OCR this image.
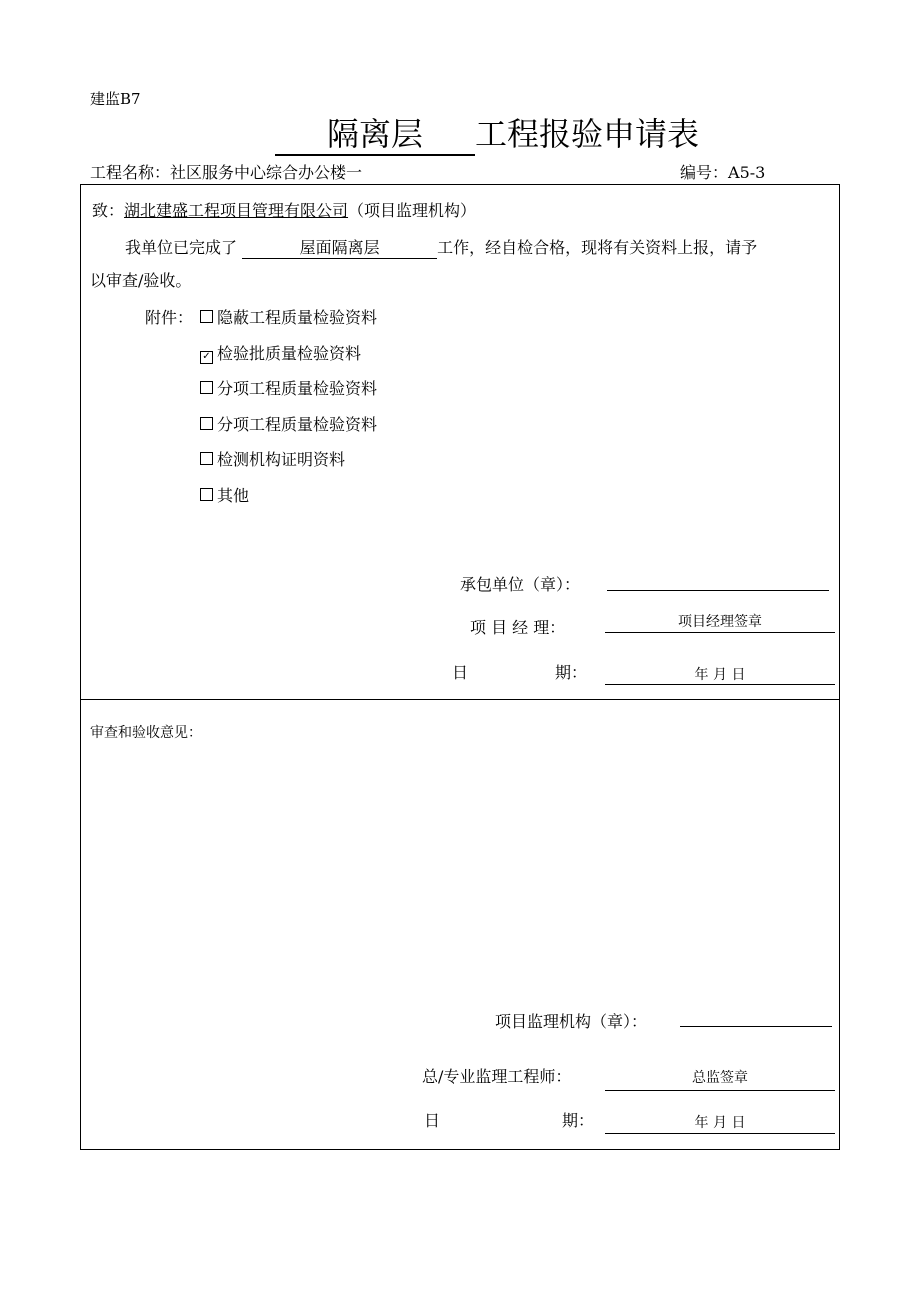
建监B7
隔离层 工程报验申请表
工程名称：社区服务中心综合办公楼一	编号：A5-3
致：湖北建盛工程项目管理有限公司（项目监理机构）
我单位已完成了	屋面隔离层	工作，经自检合格，现将有关资料上报，请予
以审查/验收。
附件：	隐蔽工程质量检验资料
✓ 检验批质量检验资料
分项工程质量检验资料
分项工程质量检验资料
检测机构证明资料
其他
承包单位（章）：
项 目 经 理：	项目经理签章
日	期：	年 月 日
审查和验收意见：
项目监理机构（章）：
总/专业监理工程师：	总监签章
日	期：	年 月 日
